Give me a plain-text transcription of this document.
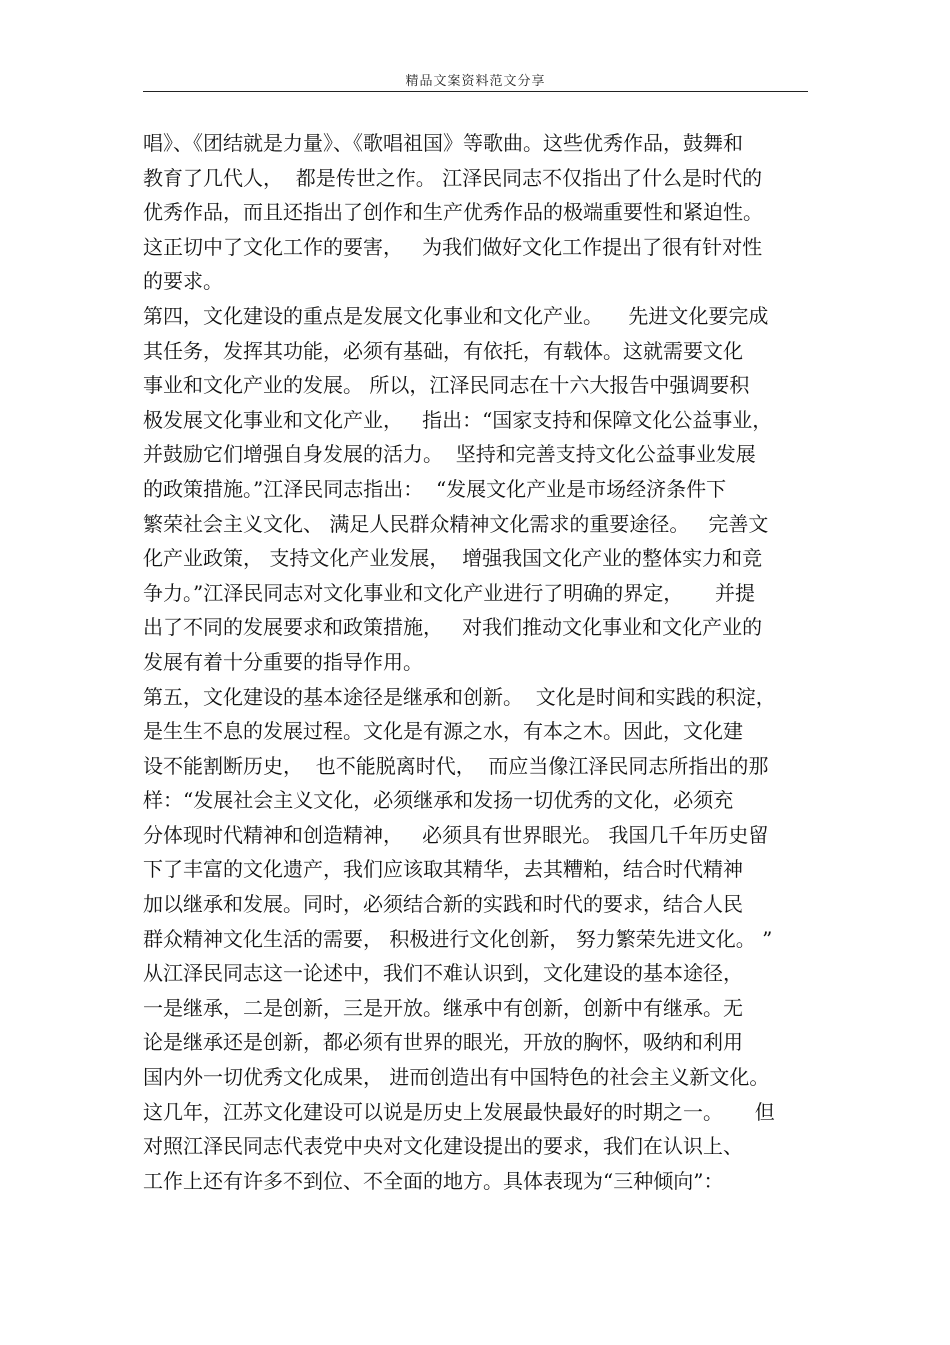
精品文案资料范文分享
唱》、《团结就是力量》、《歌唱祖国》等歌曲。这些优秀作品，鼓舞和
教育了几代人，  都是传世之作。 江泽民同志不仅指出了什么是时代的
优秀作品，而且还指出了创作和生产优秀作品的极端重要性和紧迫性。
这正切中了文化工作的要害，   为我们做好文化工作提出了很有针对性
的要求。
第四，文化建设的重点是发展文化事业和文化产业。    先进文化要完成
其任务，发挥其功能，必须有基础，有依托，有载体。这就需要文化
事业和文化产业的发展。 所以，江泽民同志在十六大报告中强调要积
极发展文化事业和文化产业，   指出：“国家支持和保障文化公益事业，
并鼓励它们增强自身发展的活力。  坚持和完善支持文化公益事业发展
的政策措施。”江泽民同志指出：  “发展文化产业是市场经济条件下
繁荣社会主义文化、 满足人民群众精神文化需求的重要途径。   完善文
化产业政策， 支持文化产业发展，  增强我国文化产业的整体实力和竞
争力。”江泽民同志对文化事业和文化产业进行了明确的界定，     并提
出了不同的发展要求和政策措施，   对我们推动文化事业和文化产业的
发展有着十分重要的指导作用。
第五，文化建设的基本途径是继承和创新。  文化是时间和实践的积淀，
是生生不息的发展过程。文化是有源之水，有本之木。因此，文化建
设不能割断历史，  也不能脱离时代，  而应当像江泽民同志所指出的那
样：“发展社会主义文化，必须继承和发扬一切优秀的文化，必须充
分体现时代精神和创造精神，   必须具有世界眼光。 我国几千年历史留
下了丰富的文化遗产，我们应该取其精华，去其糟粕，结合时代精神
加以继承和发展。同时，必须结合新的实践和时代的要求，结合人民
群众精神文化生活的需要， 积极进行文化创新， 努力繁荣先进文化。 ”
从江泽民同志这一论述中，我们不难认识到，文化建设的基本途径，
一是继承，二是创新，三是开放。继承中有创新，创新中有继承。无
论是继承还是创新，都必须有世界的眼光，开放的胸怀，吸纳和利用
国内外一切优秀文化成果， 进而创造出有中国特色的社会主义新文化。
这几年，江苏文化建设可以说是历史上发展最快最好的时期之一。     但
对照江泽民同志代表党中央对文化建设提出的要求，我们在认识上、
工作上还有许多不到位、不全面的地方。具体表现为“三种倾向”：
